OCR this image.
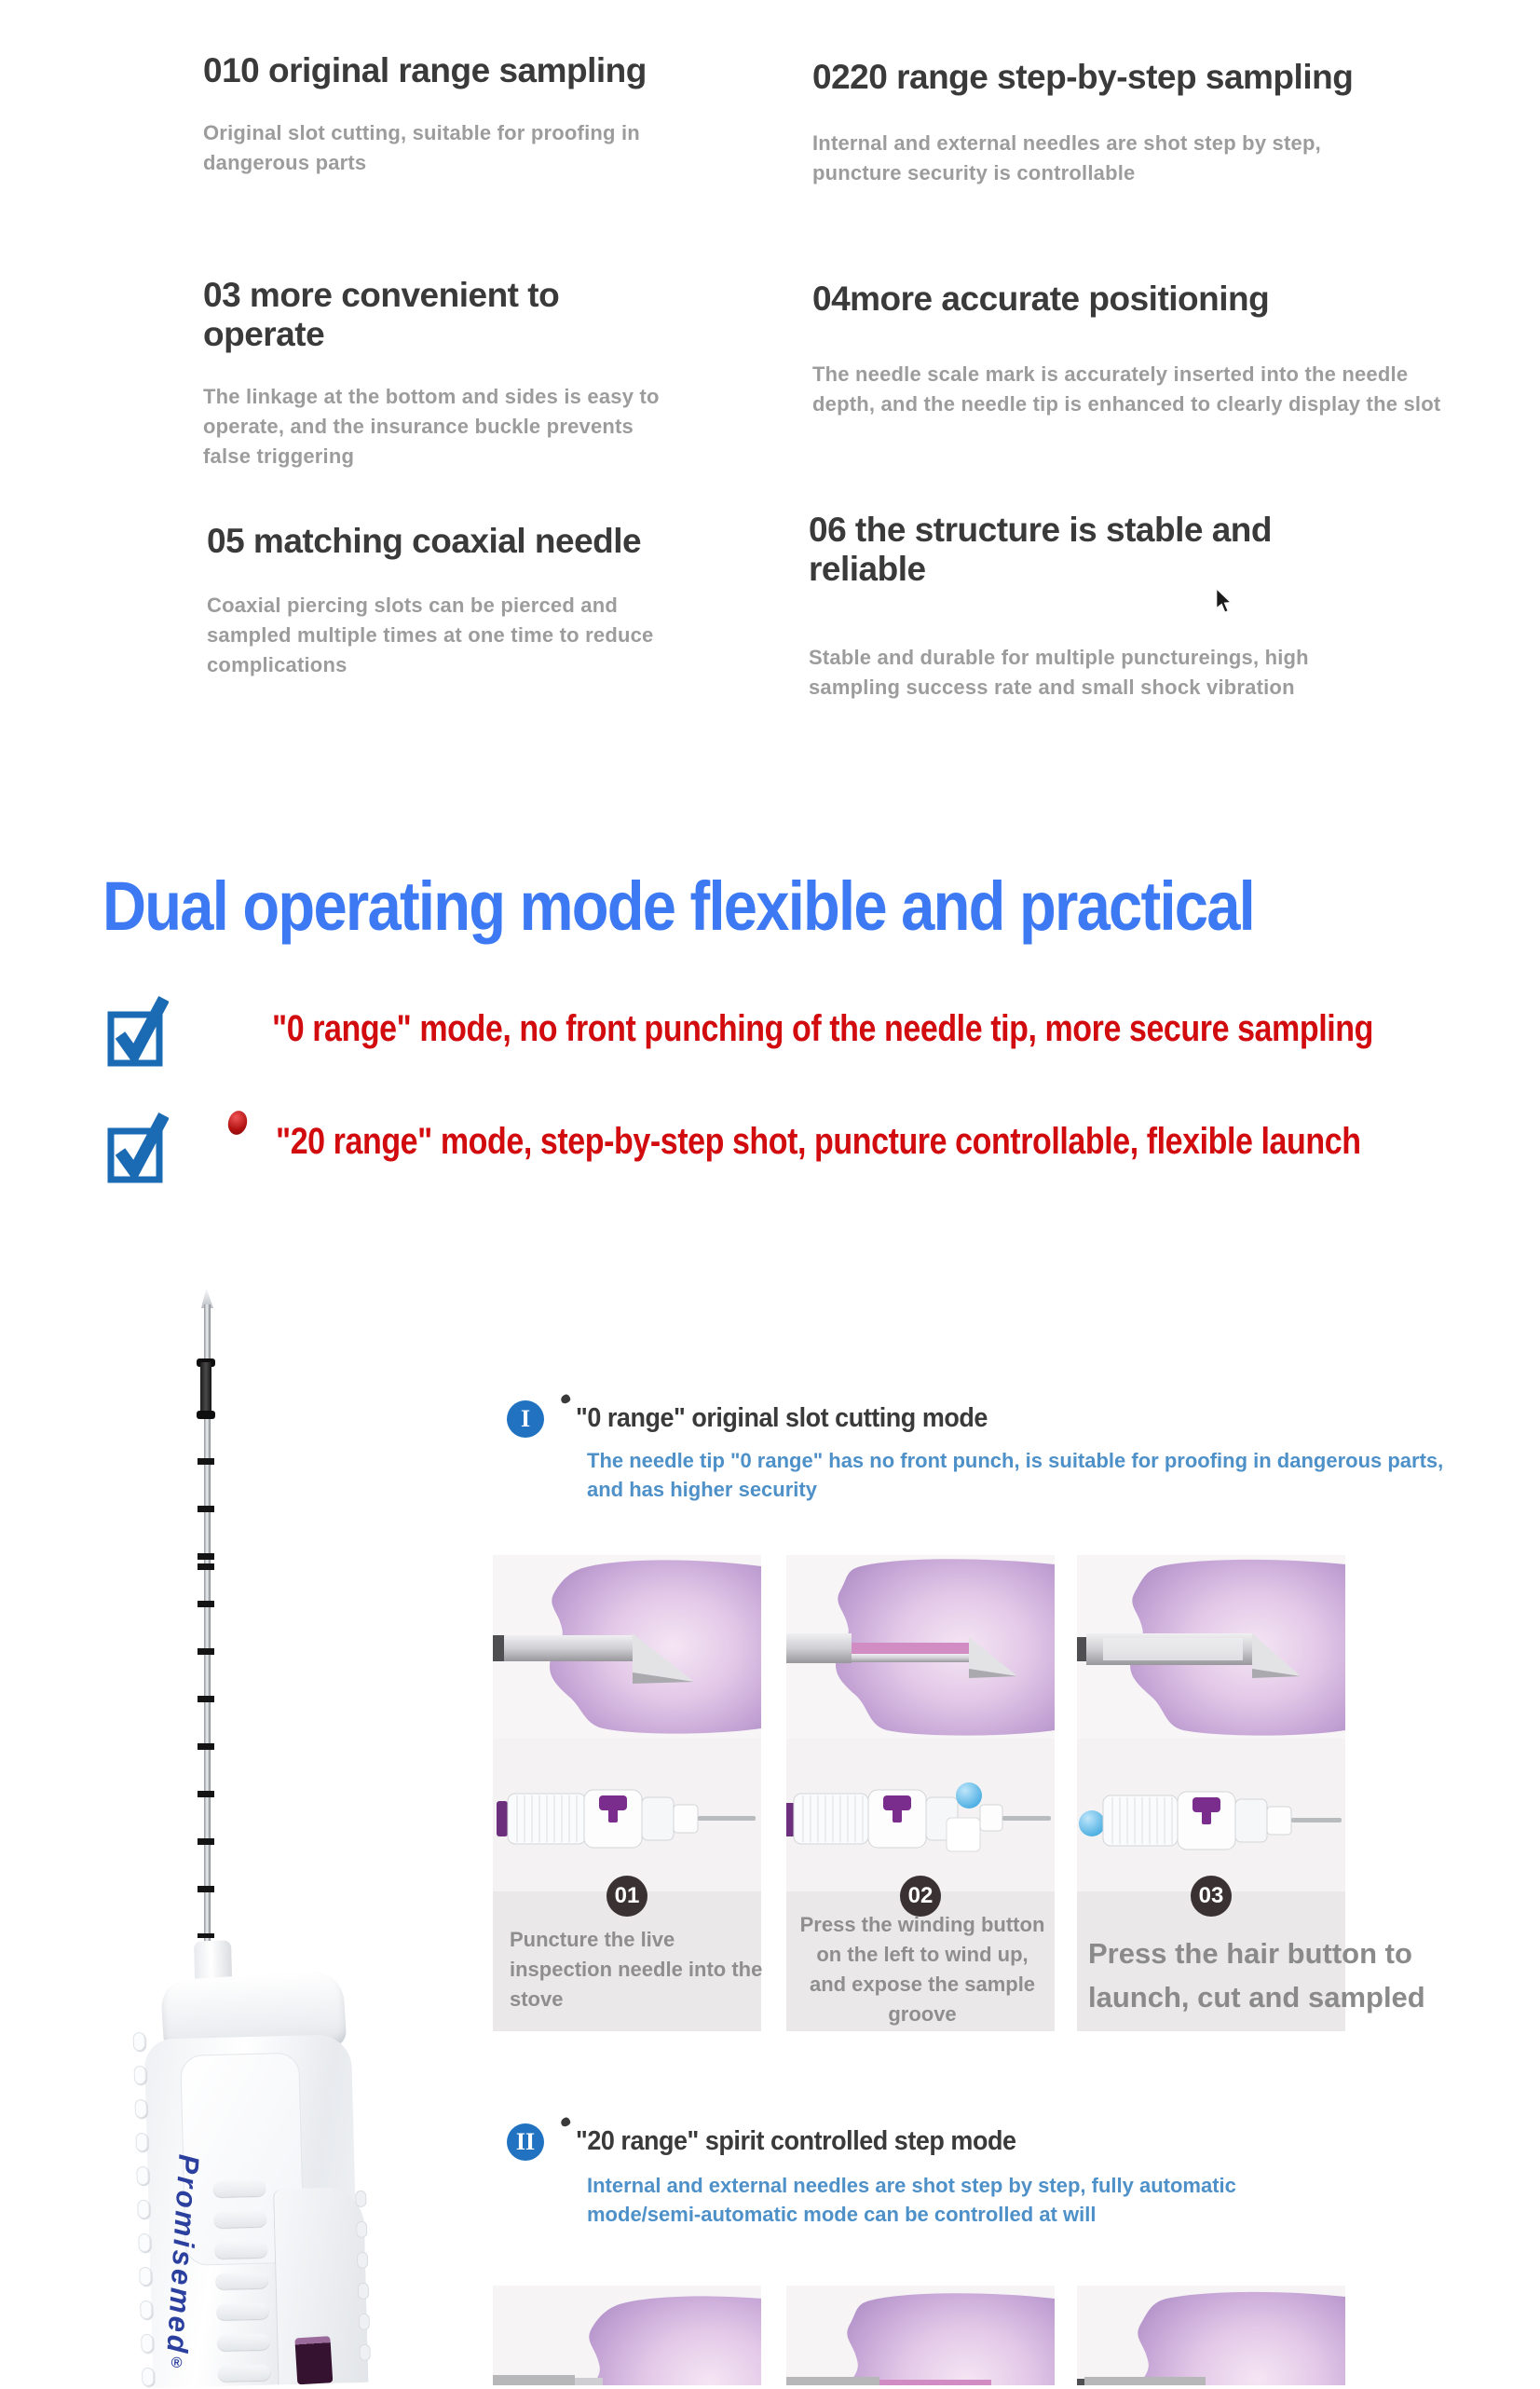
010 original range sampling

Original slot cutting, suitable for proofing in dangerous parts

0220 range step-by-step sampling

Internal and external needles are shot step by step, puncture security is controllable

03 more convenient to operate

The linkage at the bottom and sides is easy to operate, and the insurance buckle prevents false triggering

04more accurate positioning

The needle scale mark is accurately inserted into the needle depth, and the needle tip is enhanced to clearly display the slot

05 matching coaxial needle

Coaxial piercing slots can be pierced and sampled multiple times at one time to reduce complications

06 the structure is stable and reliable

Stable and durable for multiple punctureings, high sampling success rate and small shock vibration

Dual operating mode flexible and practical
"0 range" mode, no front punching of the needle tip, more secure sampling
"20 range" mode, step-by-step shot, puncture controllable, flexible launch
Promisemed®
I	"0 range" original slot cutting mode
The needle tip "0 range" has no front punch, is suitable for proofing in dangerous parts, and has higher security
01
Puncture the live inspection needle into the stove
02
Press the winding button on the left to wind up, and expose the sample groove
03
Press the hair button to launch, cut and sampled
II	"20 range" spirit controlled step mode
Internal and external needles are shot step by step, fully automatic mode/semi-automatic mode can be controlled at will
